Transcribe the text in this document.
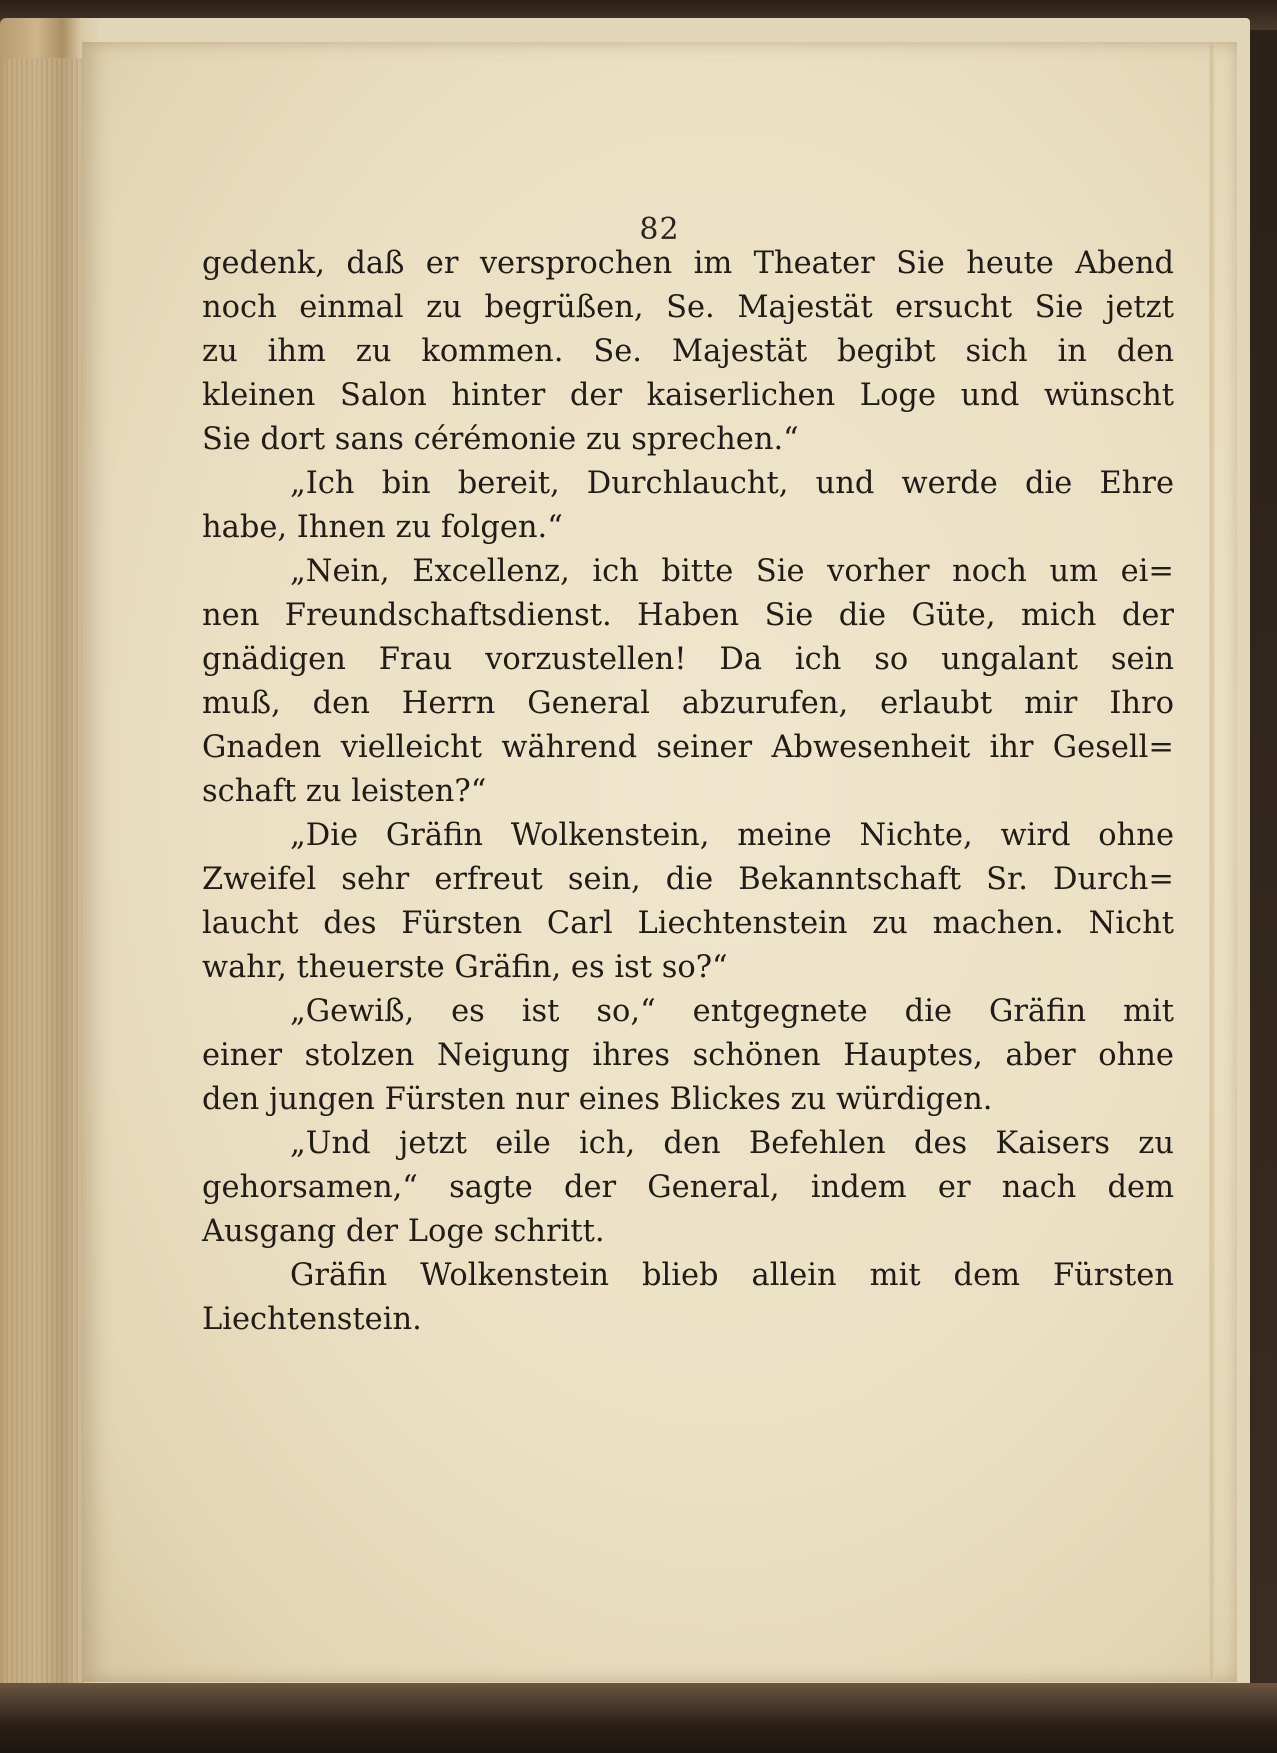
82
gedenk, daß er versprochen im Theater Sie heute Abend
noch einmal zu begrüßen, Se. Majestät ersucht Sie jetzt
zu ihm zu kommen. Se. Majestät begibt sich in den
kleinen Salon hinter der kaiserlichen Loge und wünscht
Sie dort sans cérémonie zu sprechen.“
„Ich bin bereit, Durchlaucht, und werde die Ehre
habe, Ihnen zu folgen.“
„Nein, Excellenz, ich bitte Sie vorher noch um ei=
nen Freundschaftsdienst. Haben Sie die Güte, mich der
gnädigen Frau vorzustellen! Da ich so ungalant sein
muß, den Herrn General abzurufen, erlaubt mir Ihro
Gnaden vielleicht während seiner Abwesenheit ihr Gesell=
schaft zu leisten?“
„Die Gräfin Wolkenstein, meine Nichte, wird ohne
Zweifel sehr erfreut sein, die Bekanntschaft Sr. Durch=
laucht des Fürsten Carl Liechtenstein zu machen. Nicht
wahr, theuerste Gräfin, es ist so?“
„Gewiß, es ist so,“ entgegnete die Gräfin mit
einer stolzen Neigung ihres schönen Hauptes, aber ohne
den jungen Fürsten nur eines Blickes zu würdigen.
„Und jetzt eile ich, den Befehlen des Kaisers zu
gehorsamen,“ sagte der General, indem er nach dem
Ausgang der Loge schritt.
Gräfin Wolkenstein blieb allein mit dem Fürsten
Liechtenstein.
